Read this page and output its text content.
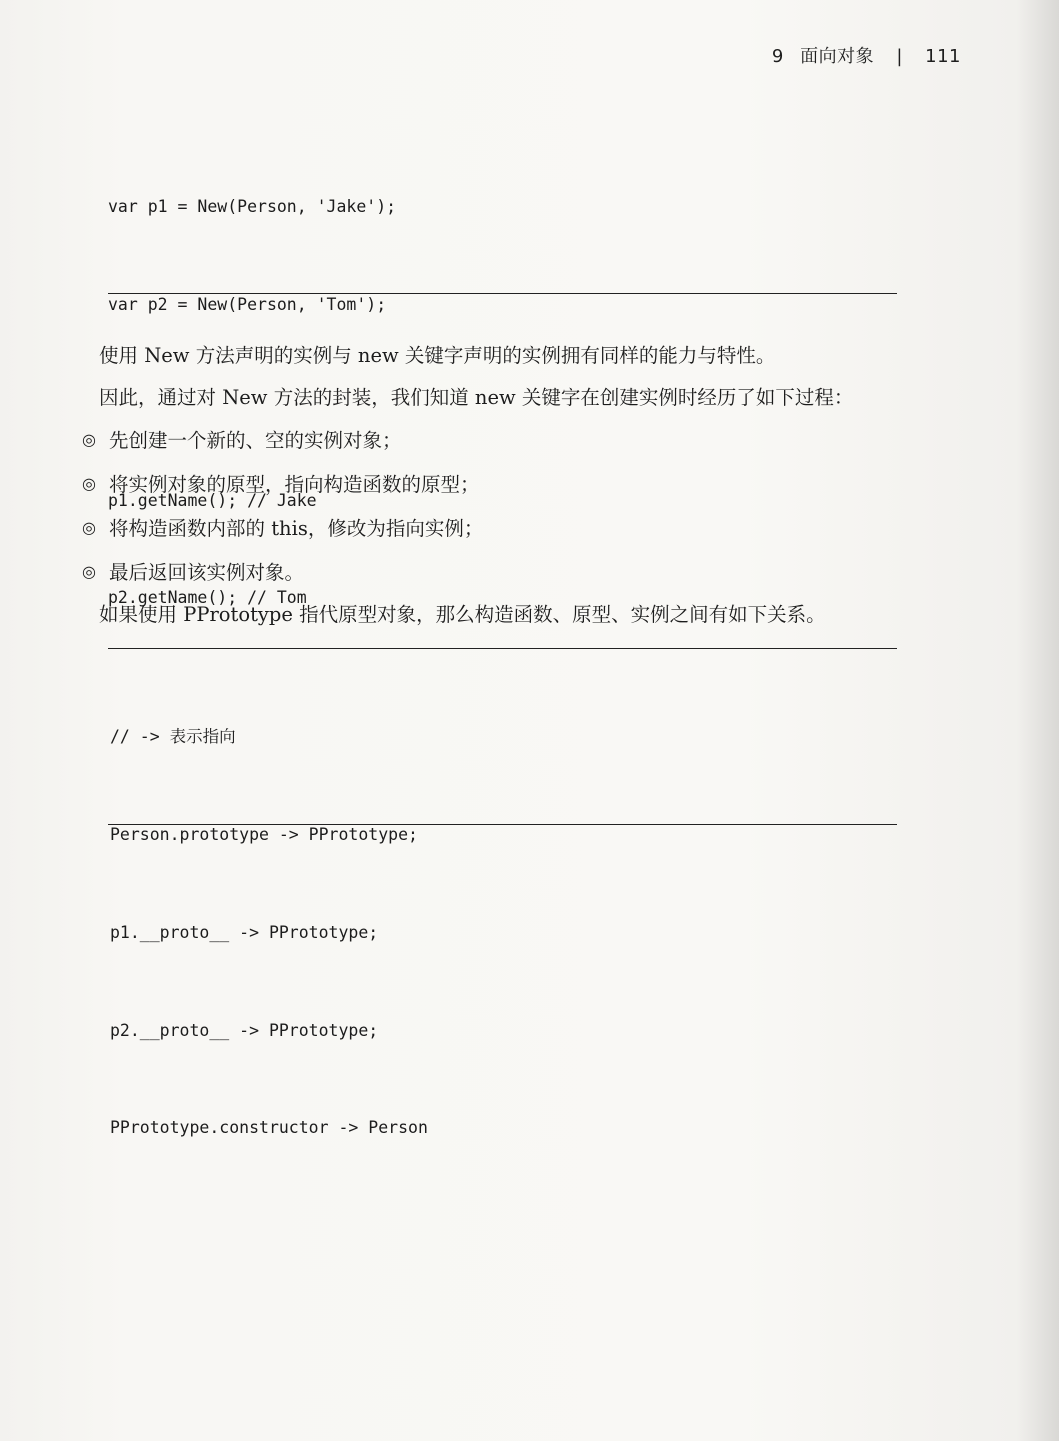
9 面向对象 | 111

var p1 = New(Person, 'Jake');

var p2 = New(Person, 'Tom');

p1.getName(); // Jake

p2.getName(); // Tom

使用 New 方法声明的实例与 new 关键字声明的实例拥有同样的能力与特性。
因此，通过对 New 方法的封装，我们知道 new 关键字在创建实例时经历了如下过程：
◎ 先创建一个新的、空的实例对象；
◎ 将实例对象的原型，指向构造函数的原型；
◎ 将构造函数内部的 this，修改为指向实例；
◎ 最后返回该实例对象。
如果使用 PPrototype 指代原型对象，那么构造函数、原型、实例之间有如下关系。

// -> 表示指向

Person.prototype -> PPrototype;

p1.__proto__ -> PPrototype;

p2.__proto__ -> PPrototype;

PPrototype.constructor -> Person
